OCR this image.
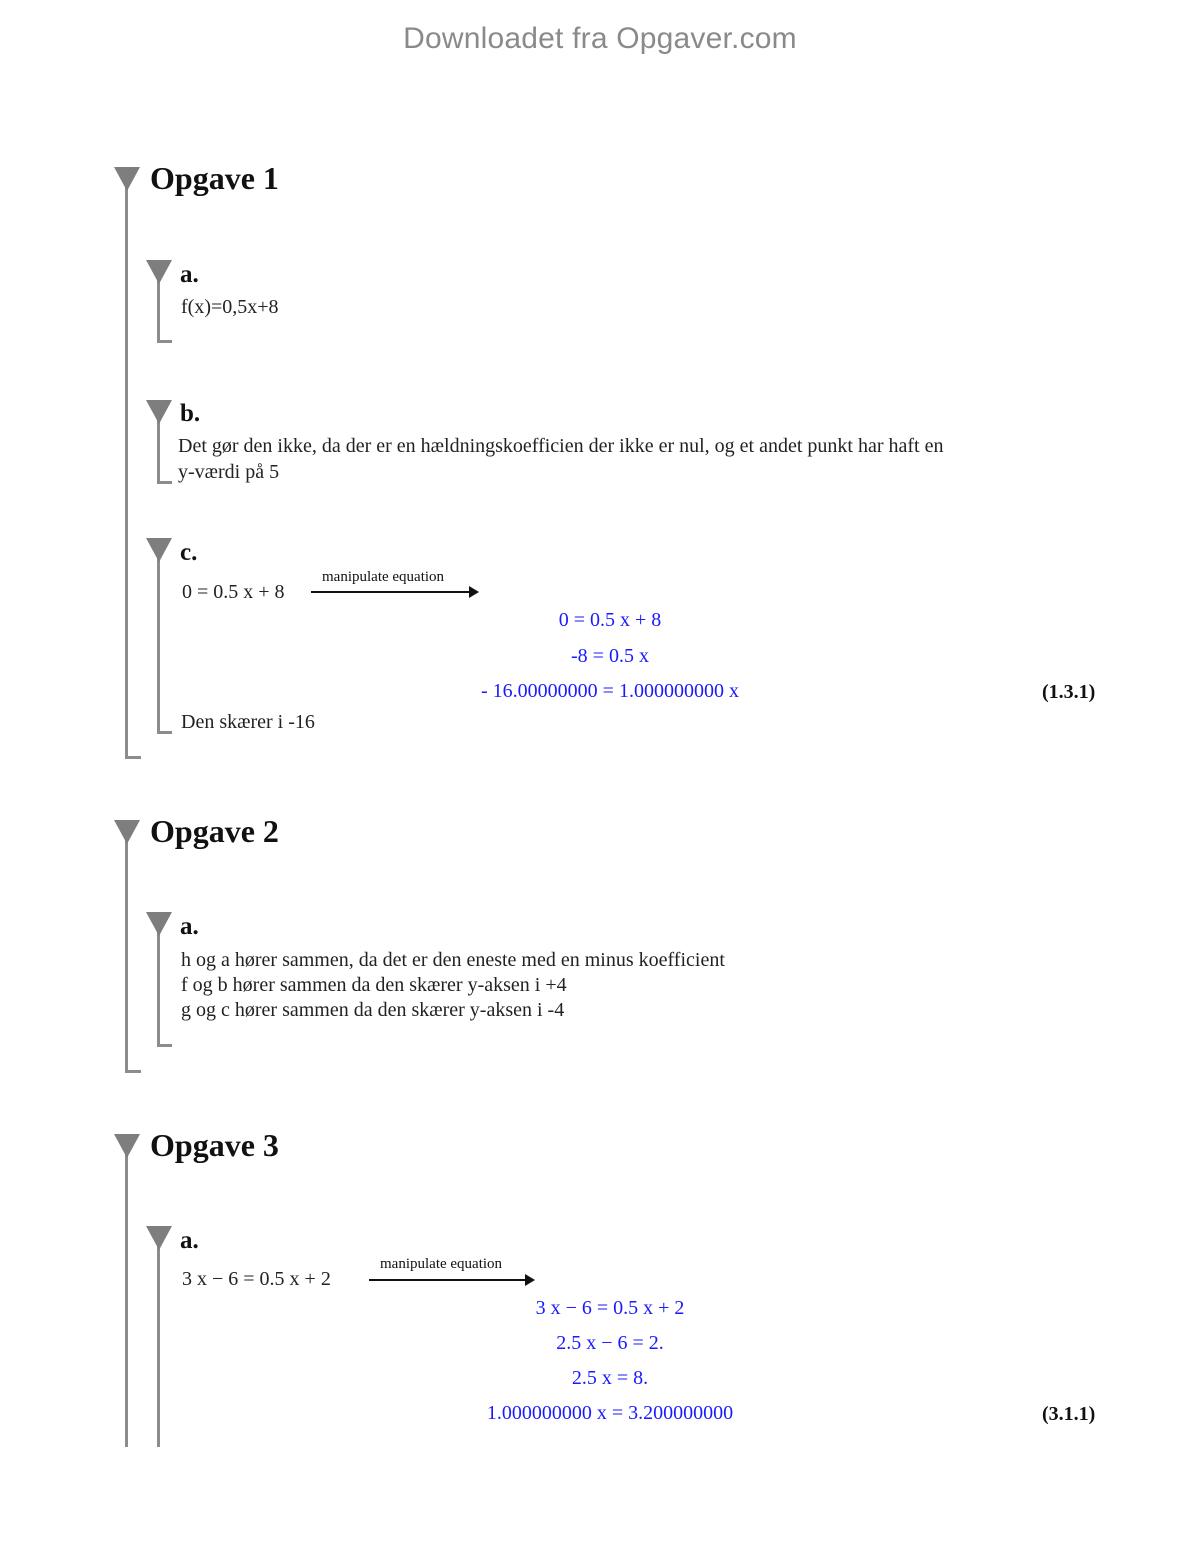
Downloadet fra Opgaver.com
Opgave 1
a.
f(x)=0,5x+8
b.
Det gør den ikke, da der er en hældningskoefficien der ikke er nul, og et andet punkt har haft en
y-værdi på 5
c.
0 = 0.5 x + 8
manipulate equation
0 = 0.5 x + 8
-8 = 0.5 x
- 16.00000000 = 1.000000000 x	(1.3.1)
Den skærer i -16
Opgave 2
a.
h og a hører sammen, da det er den eneste med en minus koefficient
f og b hører sammen da den skærer y-aksen i +4
g og c hører sammen da den skærer y-aksen i -4
Opgave 3
a.
3 x − 6 = 0.5 x + 2
manipulate equation
3 x − 6 = 0.5 x + 2
2.5 x − 6 = 2.
2.5 x = 8.
1.000000000 x = 3.200000000	(3.1.1)
